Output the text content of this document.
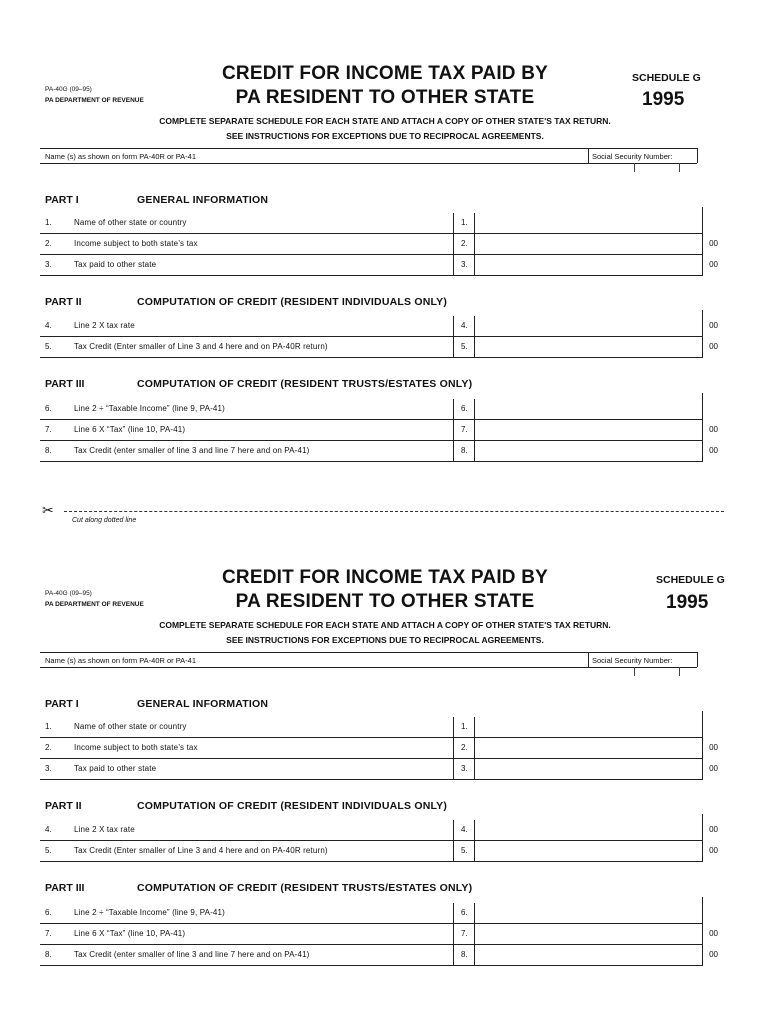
PA-40G (09–95)
PA DEPARTMENT OF REVENUE
CREDIT FOR INCOME TAX PAID BY
PA RESIDENT TO OTHER STATE
SCHEDULE G
1995
COMPLETE SEPARATE SCHEDULE FOR EACH STATE AND ATTACH A COPY OF OTHER STATE'S TAX RETURN.
SEE INSTRUCTIONS FOR EXCEPTIONS DUE TO RECIPROCAL AGREEMENTS.
Name (s) as shown on form PA-40R or PA-41	Social Security Number:
PART I	GENERAL INFORMATION
1.	Name of other state or country	1.
2.	Income subject to both state’s tax	2.	00
3.	Tax paid to other state	3.	00
PART II	COMPUTATION OF CREDIT (RESIDENT INDIVIDUALS ONLY)
4.	Line 2 X tax rate	4.	00
5.	Tax Credit (Enter smaller of Line 3 and 4 here and on PA-40R return)	5.	00
PART III	COMPUTATION OF CREDIT (RESIDENT TRUSTS/ESTATES ONLY)
6.	Line 2 ÷ “Taxable Income” (line 9, PA-41)	6.
7.	Line 6 X “Tax” (line 10, PA-41)	7.	00
8.	Tax Credit (enter smaller of line 3 and line 7 here and on PA-41)	8.	00
✂
Cut along dotted line
PA-40G (09–95)
PA DEPARTMENT OF REVENUE
CREDIT FOR INCOME TAX PAID BY
PA RESIDENT TO OTHER STATE
SCHEDULE G
1995
COMPLETE SEPARATE SCHEDULE FOR EACH STATE AND ATTACH A COPY OF OTHER STATE'S TAX RETURN.
SEE INSTRUCTIONS FOR EXCEPTIONS DUE TO RECIPROCAL AGREEMENTS.
Name (s) as shown on form PA-40R or PA-41	Social Security Number:
PART I	GENERAL INFORMATION
1.	Name of other state or country	1.
2.	Income subject to both state’s tax	2.	00
3.	Tax paid to other state	3.	00
PART II	COMPUTATION OF CREDIT (RESIDENT INDIVIDUALS ONLY)
4.	Line 2 X tax rate	4.	00
5.	Tax Credit (Enter smaller of Line 3 and 4 here and on PA-40R return)	5.	00
PART III	COMPUTATION OF CREDIT (RESIDENT TRUSTS/ESTATES ONLY)
6.	Line 2 ÷ “Taxable Income” (line 9, PA-41)	6.
7.	Line 6 X “Tax” (line 10, PA-41)	7.	00
8.	Tax Credit (enter smaller of line 3 and line 7 here and on PA-41)	8.	00
